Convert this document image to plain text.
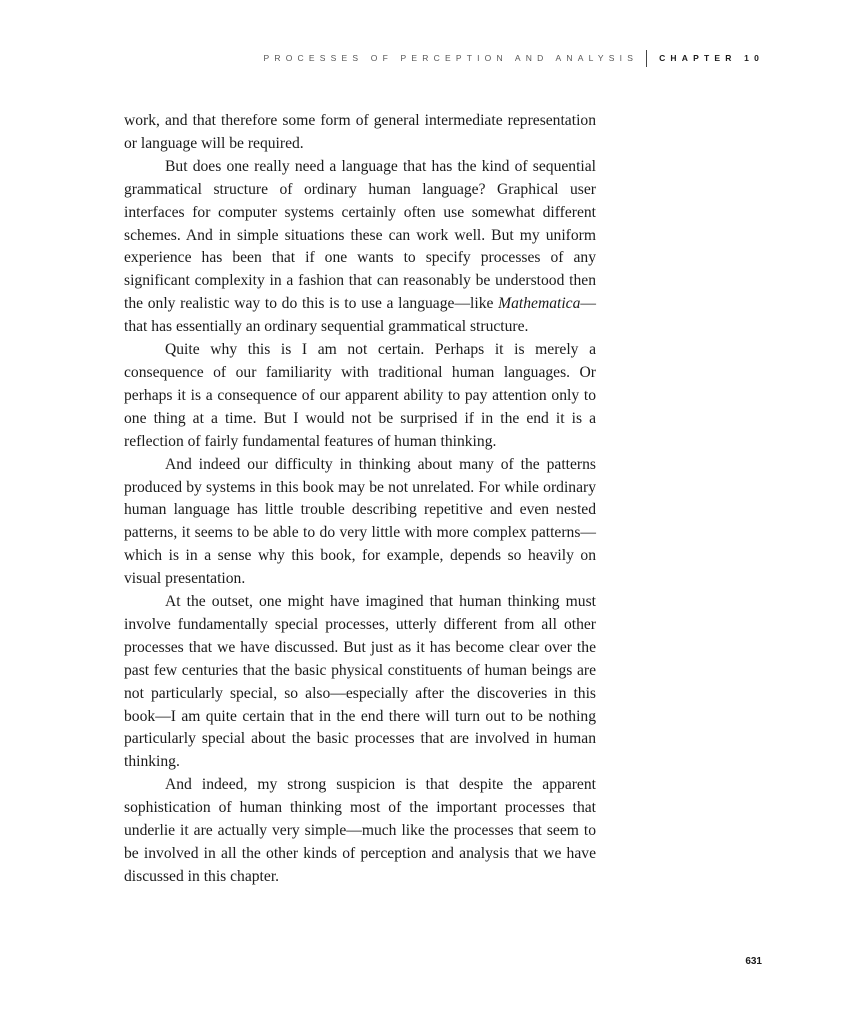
PROCESSES OF PERCEPTION AND ANALYSIS	CHAPTER 10

work, and that therefore some form of general intermediate representation or language will be required.

But does one really need a language that has the kind of sequential grammatical structure of ordinary human language? Graphical user interfaces for computer systems certainly often use somewhat different schemes. And in simple situations these can work well. But my uniform experience has been that if one wants to specify processes of any significant complexity in a fashion that can reasonably be understood then the only realistic way to do this is to use a language—like Mathematica—that has essentially an ordinary sequential grammatical structure.

Quite why this is I am not certain. Perhaps it is merely a consequence of our familiarity with traditional human languages. Or perhaps it is a consequence of our apparent ability to pay attention only to one thing at a time. But I would not be surprised if in the end it is a reflection of fairly fundamental features of human thinking.

And indeed our difficulty in thinking about many of the patterns produced by systems in this book may be not unrelated. For while ordinary human language has little trouble describing repetitive and even nested patterns, it seems to be able to do very little with more complex patterns—which is in a sense why this book, for example, depends so heavily on visual presentation.

At the outset, one might have imagined that human thinking must involve fundamentally special processes, utterly different from all other processes that we have discussed. But just as it has become clear over the past few centuries that the basic physical constituents of human beings are not particularly special, so also—especially after the discoveries in this book—I am quite certain that in the end there will turn out to be nothing particularly special about the basic processes that are involved in human thinking.

And indeed, my strong suspicion is that despite the apparent sophistication of human thinking most of the important processes that underlie it are actually very simple—much like the processes that seem to be involved in all the other kinds of perception and analysis that we have discussed in this chapter.

631
